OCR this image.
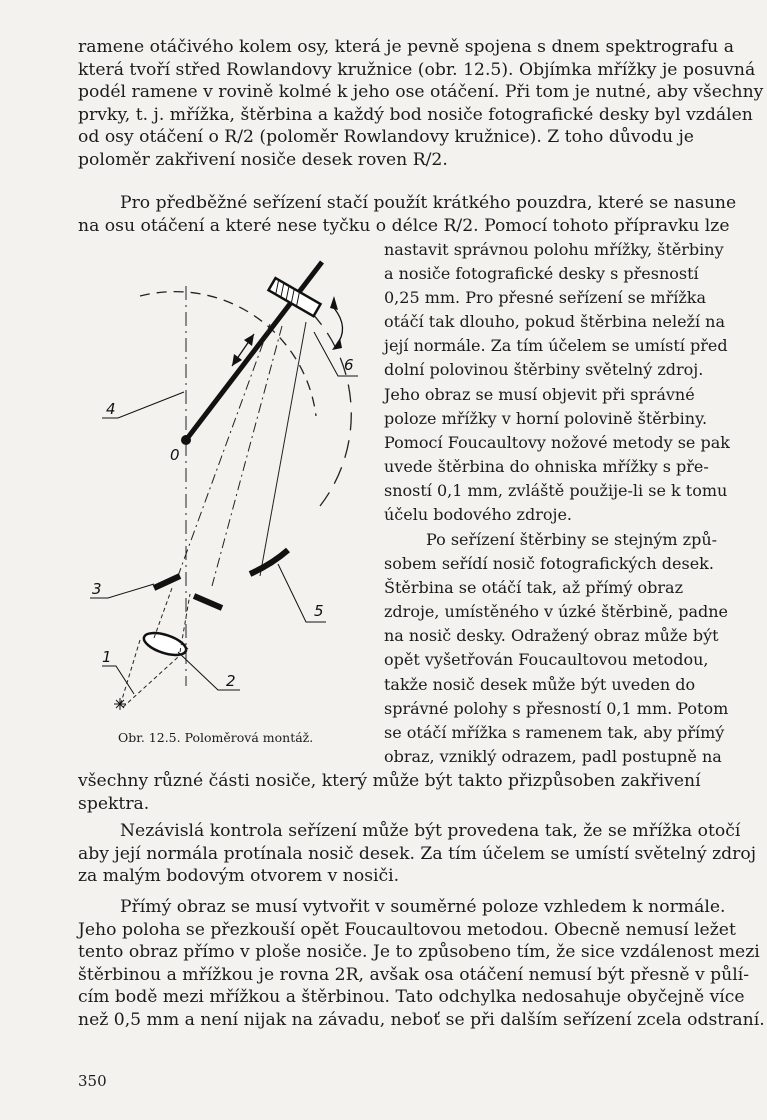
ramene otáčivého kolem osy, která je pevně spojena s dnem spektrografu a
která tvoří střed Rowlandovy kružnice (obr. 12.5). Objímka mřížky je posuvná
podél ramene v rovině kolmé k jeho ose otáčení. Při tom je nutné, aby všechny
prvky, t. j. mřížka, štěrbina a každý bod nosiče fotografické desky byl vzdálen
od osy otáčení o R/2 (poloměr Rowlandovy kružnice). Z toho důvodu je
poloměr zakřivení nosiče desek roven R/2.
Pro předběžné seřízení stačí použít krátkého pouzdra, které se nasune
na osu otáčení a které nese tyčku o délce R/2. Pomocí tohoto přípravku lze
nastavit správnou polohu mřížky, štěrbiny
a nosiče fotografické desky s přesností
0,25 mm. Pro přesné seřízení se mřížka
otáčí tak dlouho, pokud štěrbina neleží na
její normále. Za tím účelem se umístí před
dolní polovinou štěrbiny světelný zdroj.
Jeho obraz se musí objevit při správné
poloze mřížky v horní polovině štěrbiny.
Pomocí Foucaultovy nožové metody se pak
uvede štěrbina do ohniska mřížky s pře-
sností 0,1 mm, zvláště použije-li se k tomu
účelu bodového zdroje.
Po seřízení štěrbiny se stejným způ-
sobem seřídí nosič fotografických desek.
Štěrbina se otáčí tak, až přímý obraz
zdroje, umístěného v úzké štěrbině, padne
na nosič desky. Odražený obraz může být
opět vyšetřován Foucaultovou metodou,
takže nosič desek může být uveden do
správné polohy s přesností 0,1 mm. Potom
se otáčí mřížka s ramenem tak, aby přímý
obraz, vzniklý odrazem, padl postupně na
všechny různé části nosiče, který může být takto přizpůsoben zakřivení
spektra.
Nezávislá kontrola seřízení může být provedena tak, že se mřížka otočí
aby její normála protínala nosič desek. Za tím účelem se umístí světelný zdroj
za malým bodovým otvorem v nosiči.
Přímý obraz se musí vytvořit v souměrné poloze vzhledem k normále.
Jeho poloha se přezkouší opět Foucaultovou metodou. Obecně nemusí ležet
tento obraz přímo v ploše nosiče. Je to způsobeno tím, že sice vzdálenost mezi
štěrbinou a mřížkou je rovna 2R, avšak osa otáčení nemusí být přesně v půlí-
cím bodě mezi mřížkou a štěrbinou. Tato odchylka nedosahuje obyčejně více
než 0,5 mm a není nijak na závadu, neboť se při dalším seřízení zcela odstraní.
0
1
2
3
4
5
6
Obr. 12.5. Poloměrová montáž.
350
